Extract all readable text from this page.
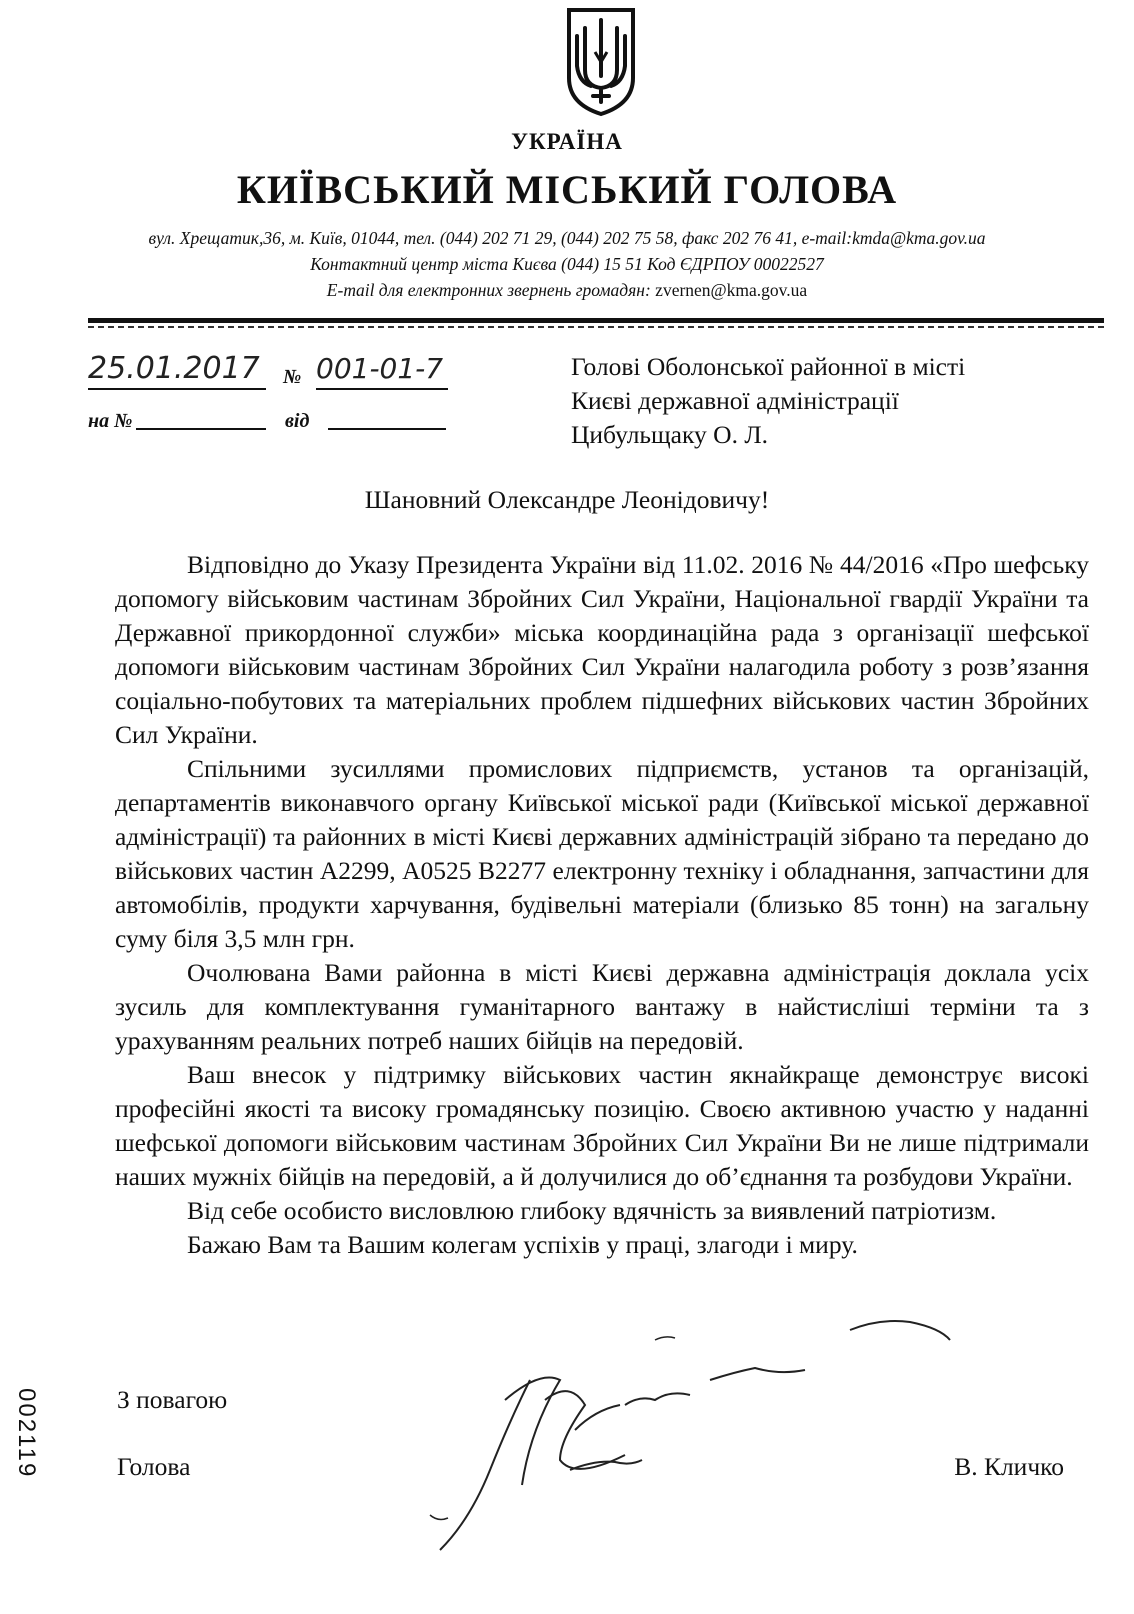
УКРАЇНА
КИЇВСЬКИЙ МІСЬКИЙ ГОЛОВА
вул. Хрещатик,36, м. Київ, 01044, тел. (044) 202 71 29, (044) 202 75 58, факс 202 76 41, e-mail:kmda@kma.gov.ua
Контактний центр міста Києва (044) 15 51 Код ЄДРПОУ 00022527
E-mail для електронних звернень громадян: zvernen@kma.gov.ua
25.01.2017	№ 001-01-7
на №	від
Голові Оболонської районної в місті
Києві державної адміністрації
Цибульщаку О. Л.
Шановний Олександре Леонідовичу!

Відповідно до Указу Президента України від 11.02. 2016 № 44/2016 «Про шефську допомогу військовим частинам Збройних Сил України, Національної гвардії України та Державної прикордонної служби» міська координаційна рада з організації шефської допомоги військовим частинам Збройних Сил України налагодила роботу з розв’язання соціально-побутових та матеріальних проблем підшефних військових частин Збройних Сил України.

Спільними зусиллями промислових підприємств, установ та організацій, департаментів виконавчого органу Київської міської ради (Київської міської державної адміністрації) та районних в місті Києві державних адміністрацій зібрано та передано до військових частин А2299, А0525 В2277 електронну техніку і обладнання, запчастини для автомобілів, продукти харчування, будівельні матеріали (близько 85 тонн) на загальну суму біля 3,5 млн грн.

Очолювана Вами районна в місті Києві державна адміністрація доклала усіх зусиль для комплектування гуманітарного вантажу в найстисліші терміни та з урахуванням реальних потреб наших бійців на передовій.

Ваш внесок у підтримку військових частин якнайкраще демонструє високі професійні якості та високу громадянську позицію. Своєю активною участю у наданні шефської допомоги військовим частинам Збройних Сил України Ви не лише підтримали наших мужніх бійців на передовій, а й долучилися до об’єднання та розбудови України.

Від себе особисто висловлюю глибоку вдячність за виявлений патріотизм.

Бажаю Вам та Вашим колегам успіхів у праці, злагоди і миру.

З повагою
Голова	В. Кличко
002119
